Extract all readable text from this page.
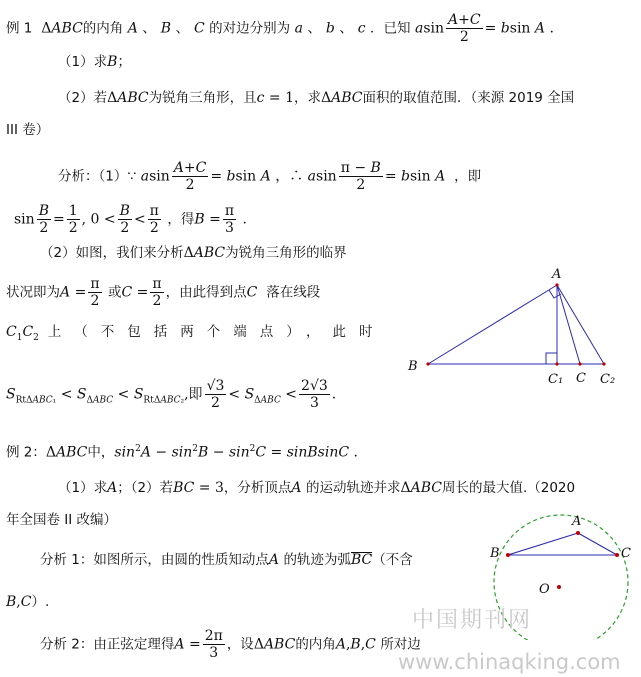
例 1  ΔABC的内角 A 、 B 、 C 的对边分别为 a 、 b 、 c ．已知 asin $\frac{A+C}{2} = bsin$ A .
（1）求B；
（2）若ΔABC为锐角三角形，且c = 1，求ΔABC面积的取值范围．（来源 2019 全国
III 卷）
分析：（1）∵ asin $\frac{A+C}{2} = bsin$ A ，∴ asin $\frac{\pi - B}{2} = bsin$ A ，即
$\sin \frac{B}{2} = \frac{1}{2}$ , $0 < \frac{B}{2} < \frac{\pi}{2}$ ，得$B = \frac{\pi}{3}$ .
（2）如图，我们来分析ΔABC为锐角三角形的临界
状况即为$A = \frac{\pi}{2}$ 或$C = \frac{\pi}{2}$ ，由此得到点C 落在线段
$C_1C_2$ 上（不包括两个端点），此时
$S_{Rt\Delta ABC_1} < S_{\Delta ABC} < S_{Rt\Delta ABC_2}$,即 $\frac{√3}{2} < S_{\Delta ABC} < \frac{2√3}{3}$ .
A
B
C
C₁	C₂
例 2：ΔABC中，$\sin^2A - \sin^2B - \sin^2C$ = sinBsinC .
（1）求A；（2）若BC = 3，分析顶点A 的运动轨迹并求ΔABC周长的最大值.（2020
年全国卷 II 改编）
分析 1：如图所示，由圆的性质知动点A 的轨迹为弧BC（不含
B,C）.
分析 2：由正弦定理得$A = \frac{2\pi}{3}$ ，设ΔABC的内角A,B,C 所对边
A
B	C
O
中国期刊网
www.chinaqking.com
